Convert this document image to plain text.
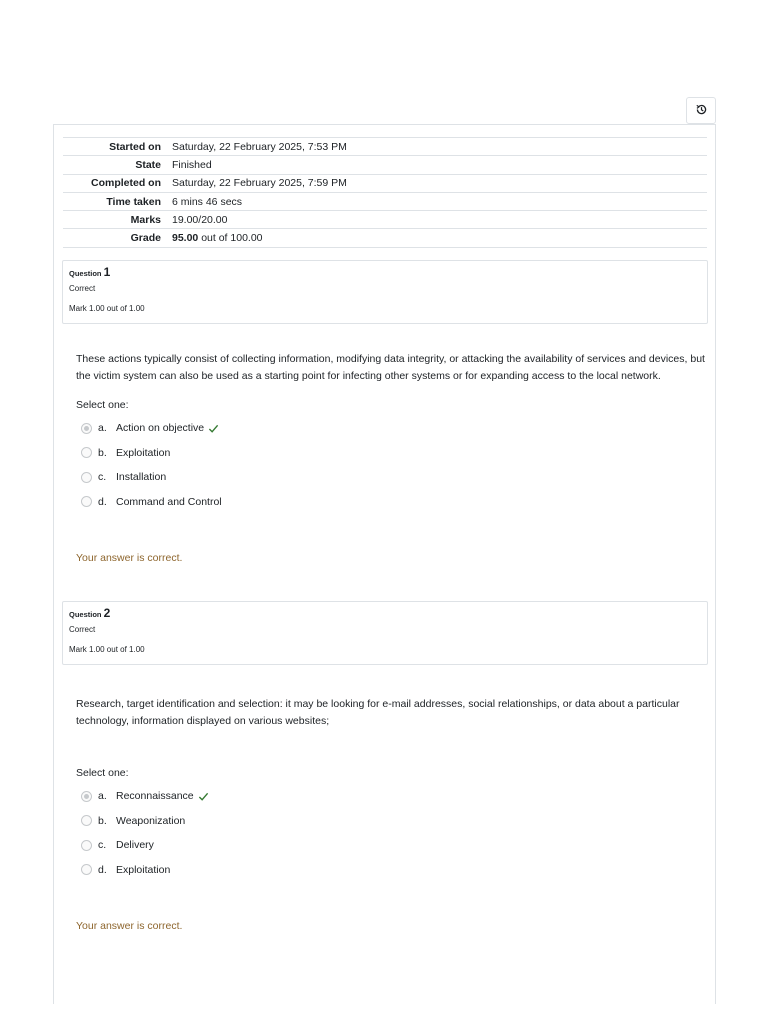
Started on	Saturday, 22 February 2025, 7:53 PM
State	Finished
Completed on	Saturday, 22 February 2025, 7:59 PM
Time taken	6 mins 46 secs
Marks	19.00/20.00
Grade	95.00 out of 100.00
Question 1
Correct
Mark 1.00 out of 1.00
These actions typically consist of collecting information, modifying data integrity, or attacking the availability of services and devices, but the victim system can also be used as a starting point for infecting other systems or for expanding access to the local network.
Select one:
a. Action on objective
b. Exploitation
c. Installation
d. Command and Control
Your answer is correct.
Question 2
Correct
Mark 1.00 out of 1.00
Research, target identification and selection: it may be looking for e-mail addresses, social relationships, or data about a particular technology, information displayed on various websites;
Select one:
a. Reconnaissance
b. Weaponization
c. Delivery
d. Exploitation
Your answer is correct.
